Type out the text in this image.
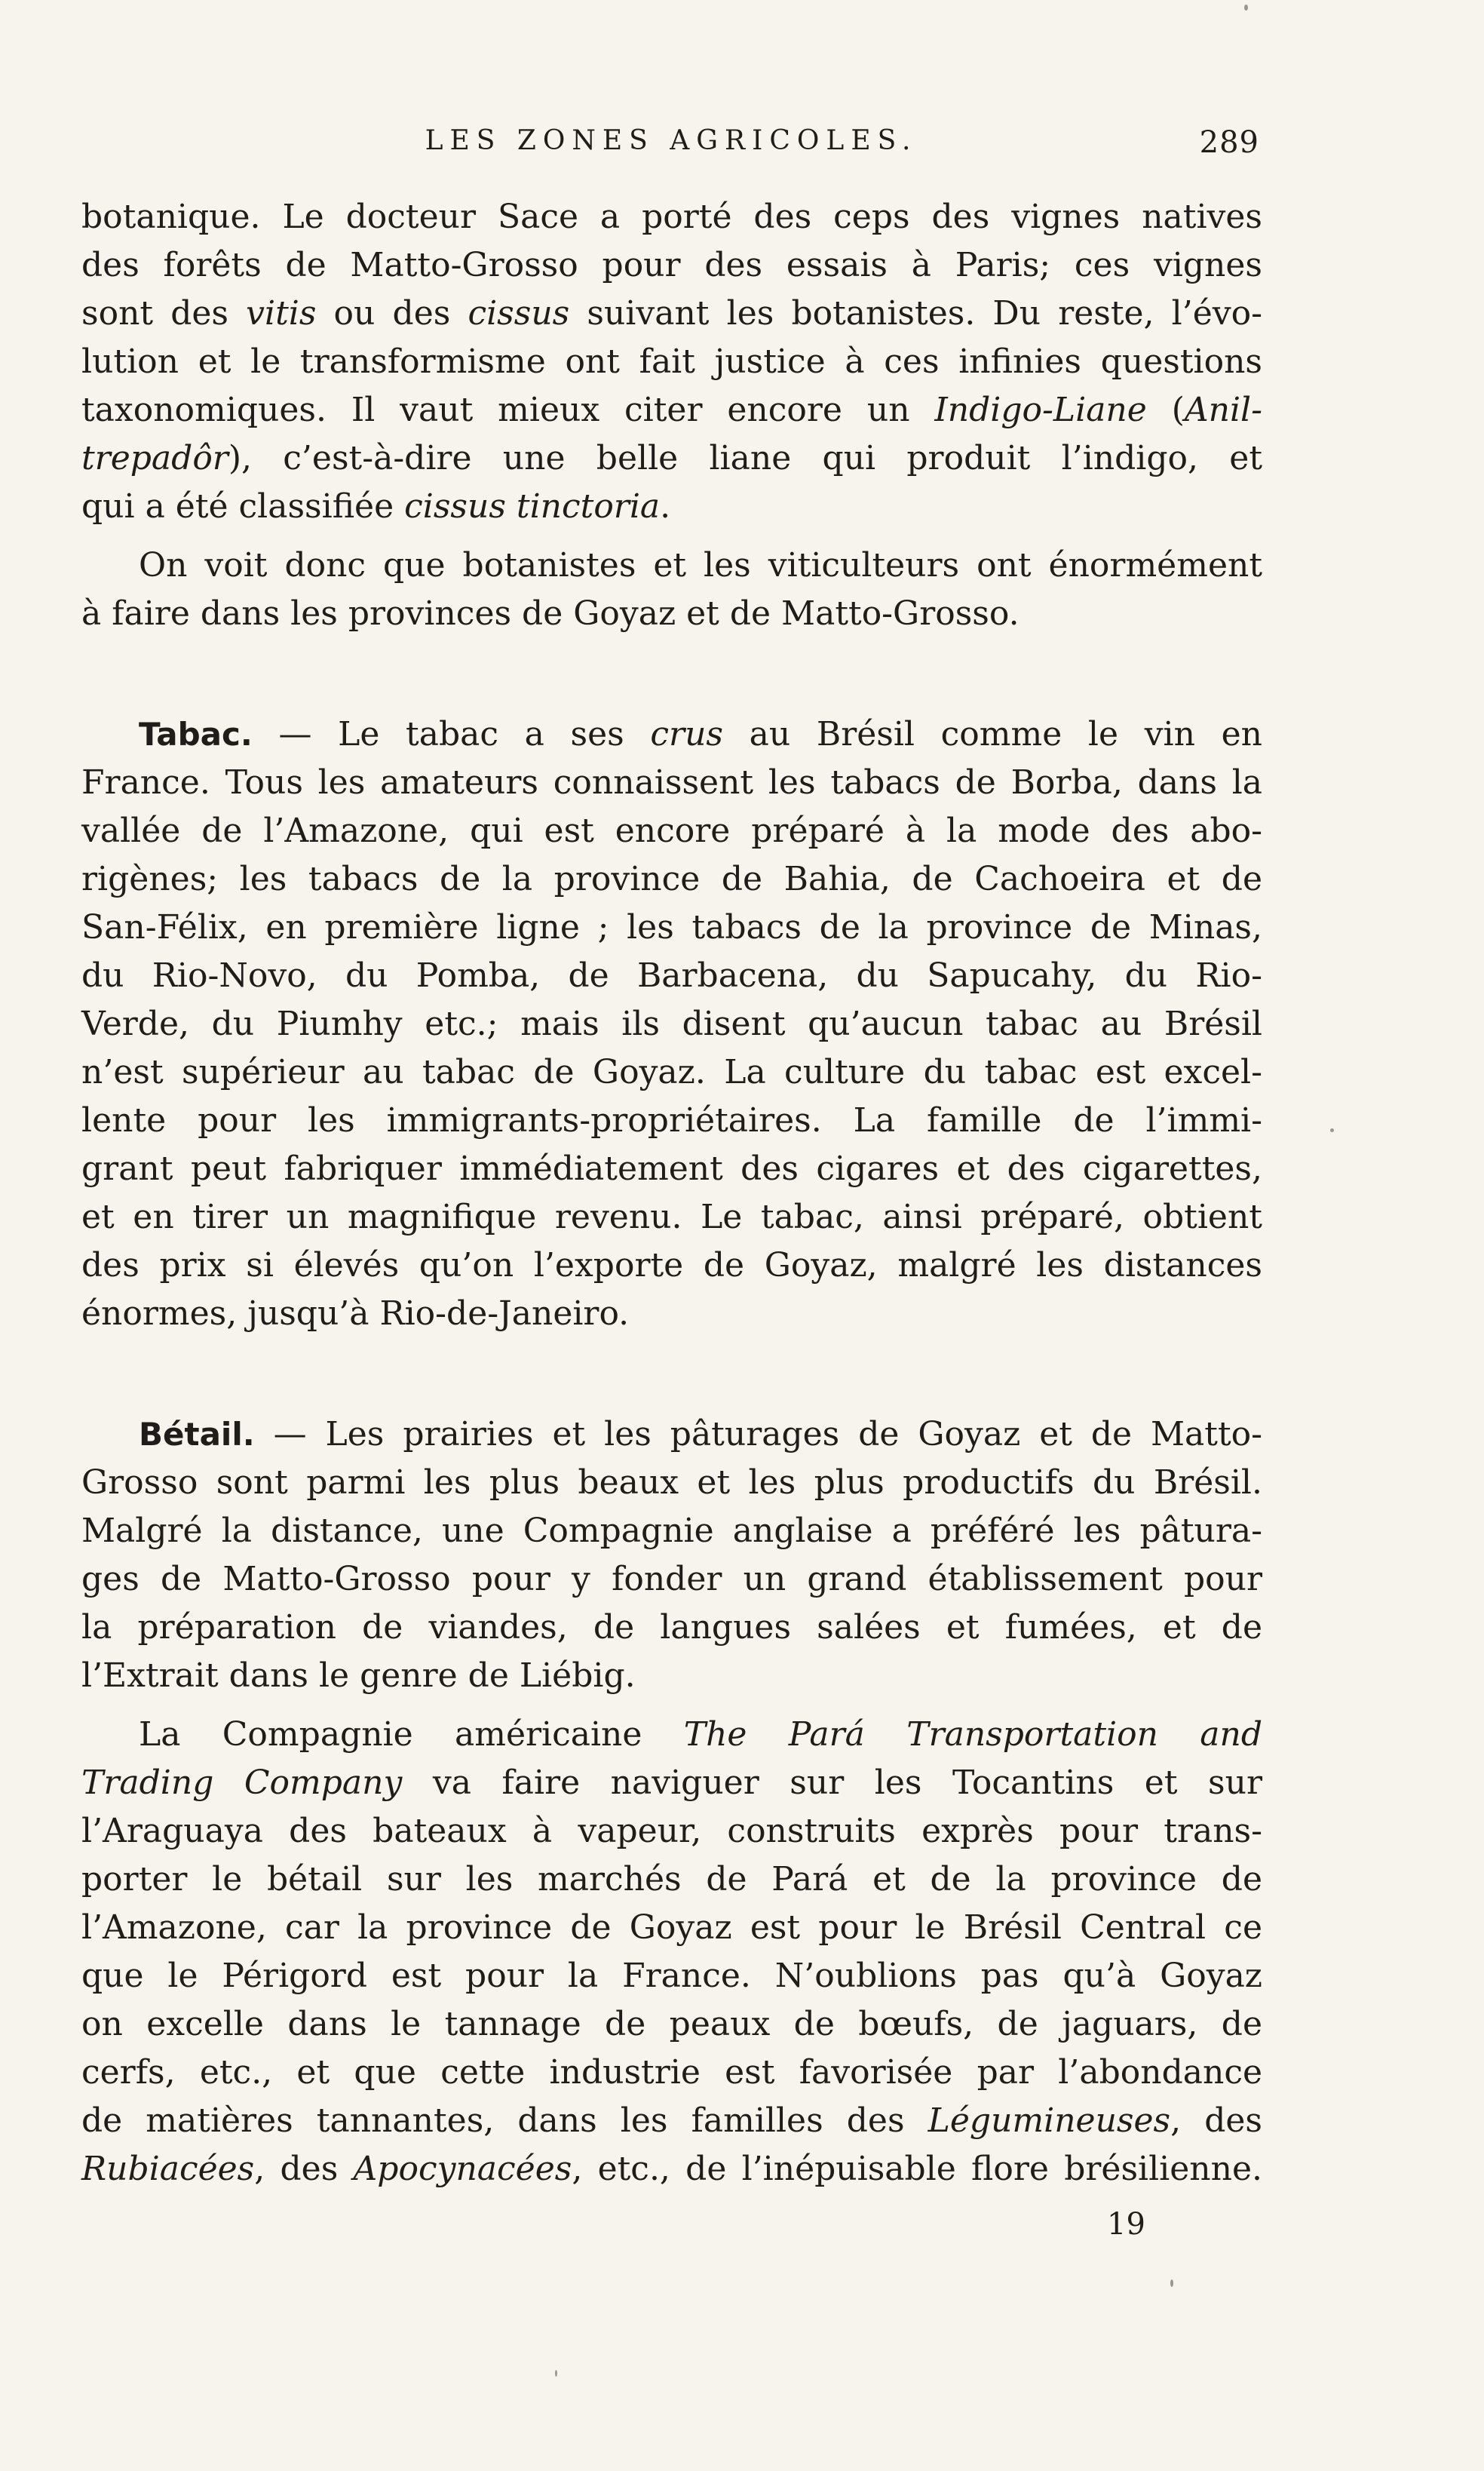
LES ZONES AGRICOLES.	289
botanique. Le docteur Sace a porté des ceps des vignes natives
des forêts de Matto-Grosso pour des essais à Paris; ces vignes
sont des vitis ou des cissus suivant les botanistes. Du reste, l’évo-
lution et le transformisme ont fait justice à ces infinies questions
taxonomiques. Il vaut mieux citer encore un Indigo-Liane (Anil-
trepadôr), c’est-à-dire une belle liane qui produit l’indigo, et
qui a été classifiée cissus tinctoria.
On voit donc que botanistes et les viticulteurs ont énormément
à faire dans les provinces de Goyaz et de Matto-Grosso.
Tabac. — Le tabac a ses crus au Brésil comme le vin en
France. Tous les amateurs connaissent les tabacs de Borba, dans la
vallée de l’Amazone, qui est encore préparé à la mode des abo-
rigènes; les tabacs de la province de Bahia, de Cachoeira et de
San-Félix, en première ligne ; les tabacs de la province de Minas,
du Rio-Novo, du Pomba, de Barbacena, du Sapucahy, du Rio-
Verde, du Piumhy etc.; mais ils disent qu’aucun tabac au Brésil
n’est supérieur au tabac de Goyaz. La culture du tabac est excel-
lente pour les immigrants-propriétaires. La famille de l’immi-
grant peut fabriquer immédiatement des cigares et des cigarettes,
et en tirer un magnifique revenu. Le tabac, ainsi préparé, obtient
des prix si élevés qu’on l’exporte de Goyaz, malgré les distances
énormes, jusqu’à Rio-de-Janeiro.
Bétail. — Les prairies et les pâturages de Goyaz et de Matto-
Grosso sont parmi les plus beaux et les plus productifs du Brésil.
Malgré la distance, une Compagnie anglaise a préféré les pâtura-
ges de Matto-Grosso pour y fonder un grand établissement pour
la préparation de viandes, de langues salées et fumées, et de
l’Extrait dans le genre de Liébig.
La Compagnie américaine The Pará Transportation and
Trading Company va faire naviguer sur les Tocantins et sur
l’Araguaya des bateaux à vapeur, construits exprès pour trans-
porter le bétail sur les marchés de Pará et de la province de
l’Amazone, car la province de Goyaz est pour le Brésil Central ce
que le Périgord est pour la France. N’oublions pas qu’à Goyaz
on excelle dans le tannage de peaux de bœufs, de jaguars, de
cerfs, etc., et que cette industrie est favorisée par l’abondance
de matières tannantes, dans les familles des Légumineuses, des
Rubiacées, des Apocynacées, etc., de l’inépuisable flore brésilienne.
19
